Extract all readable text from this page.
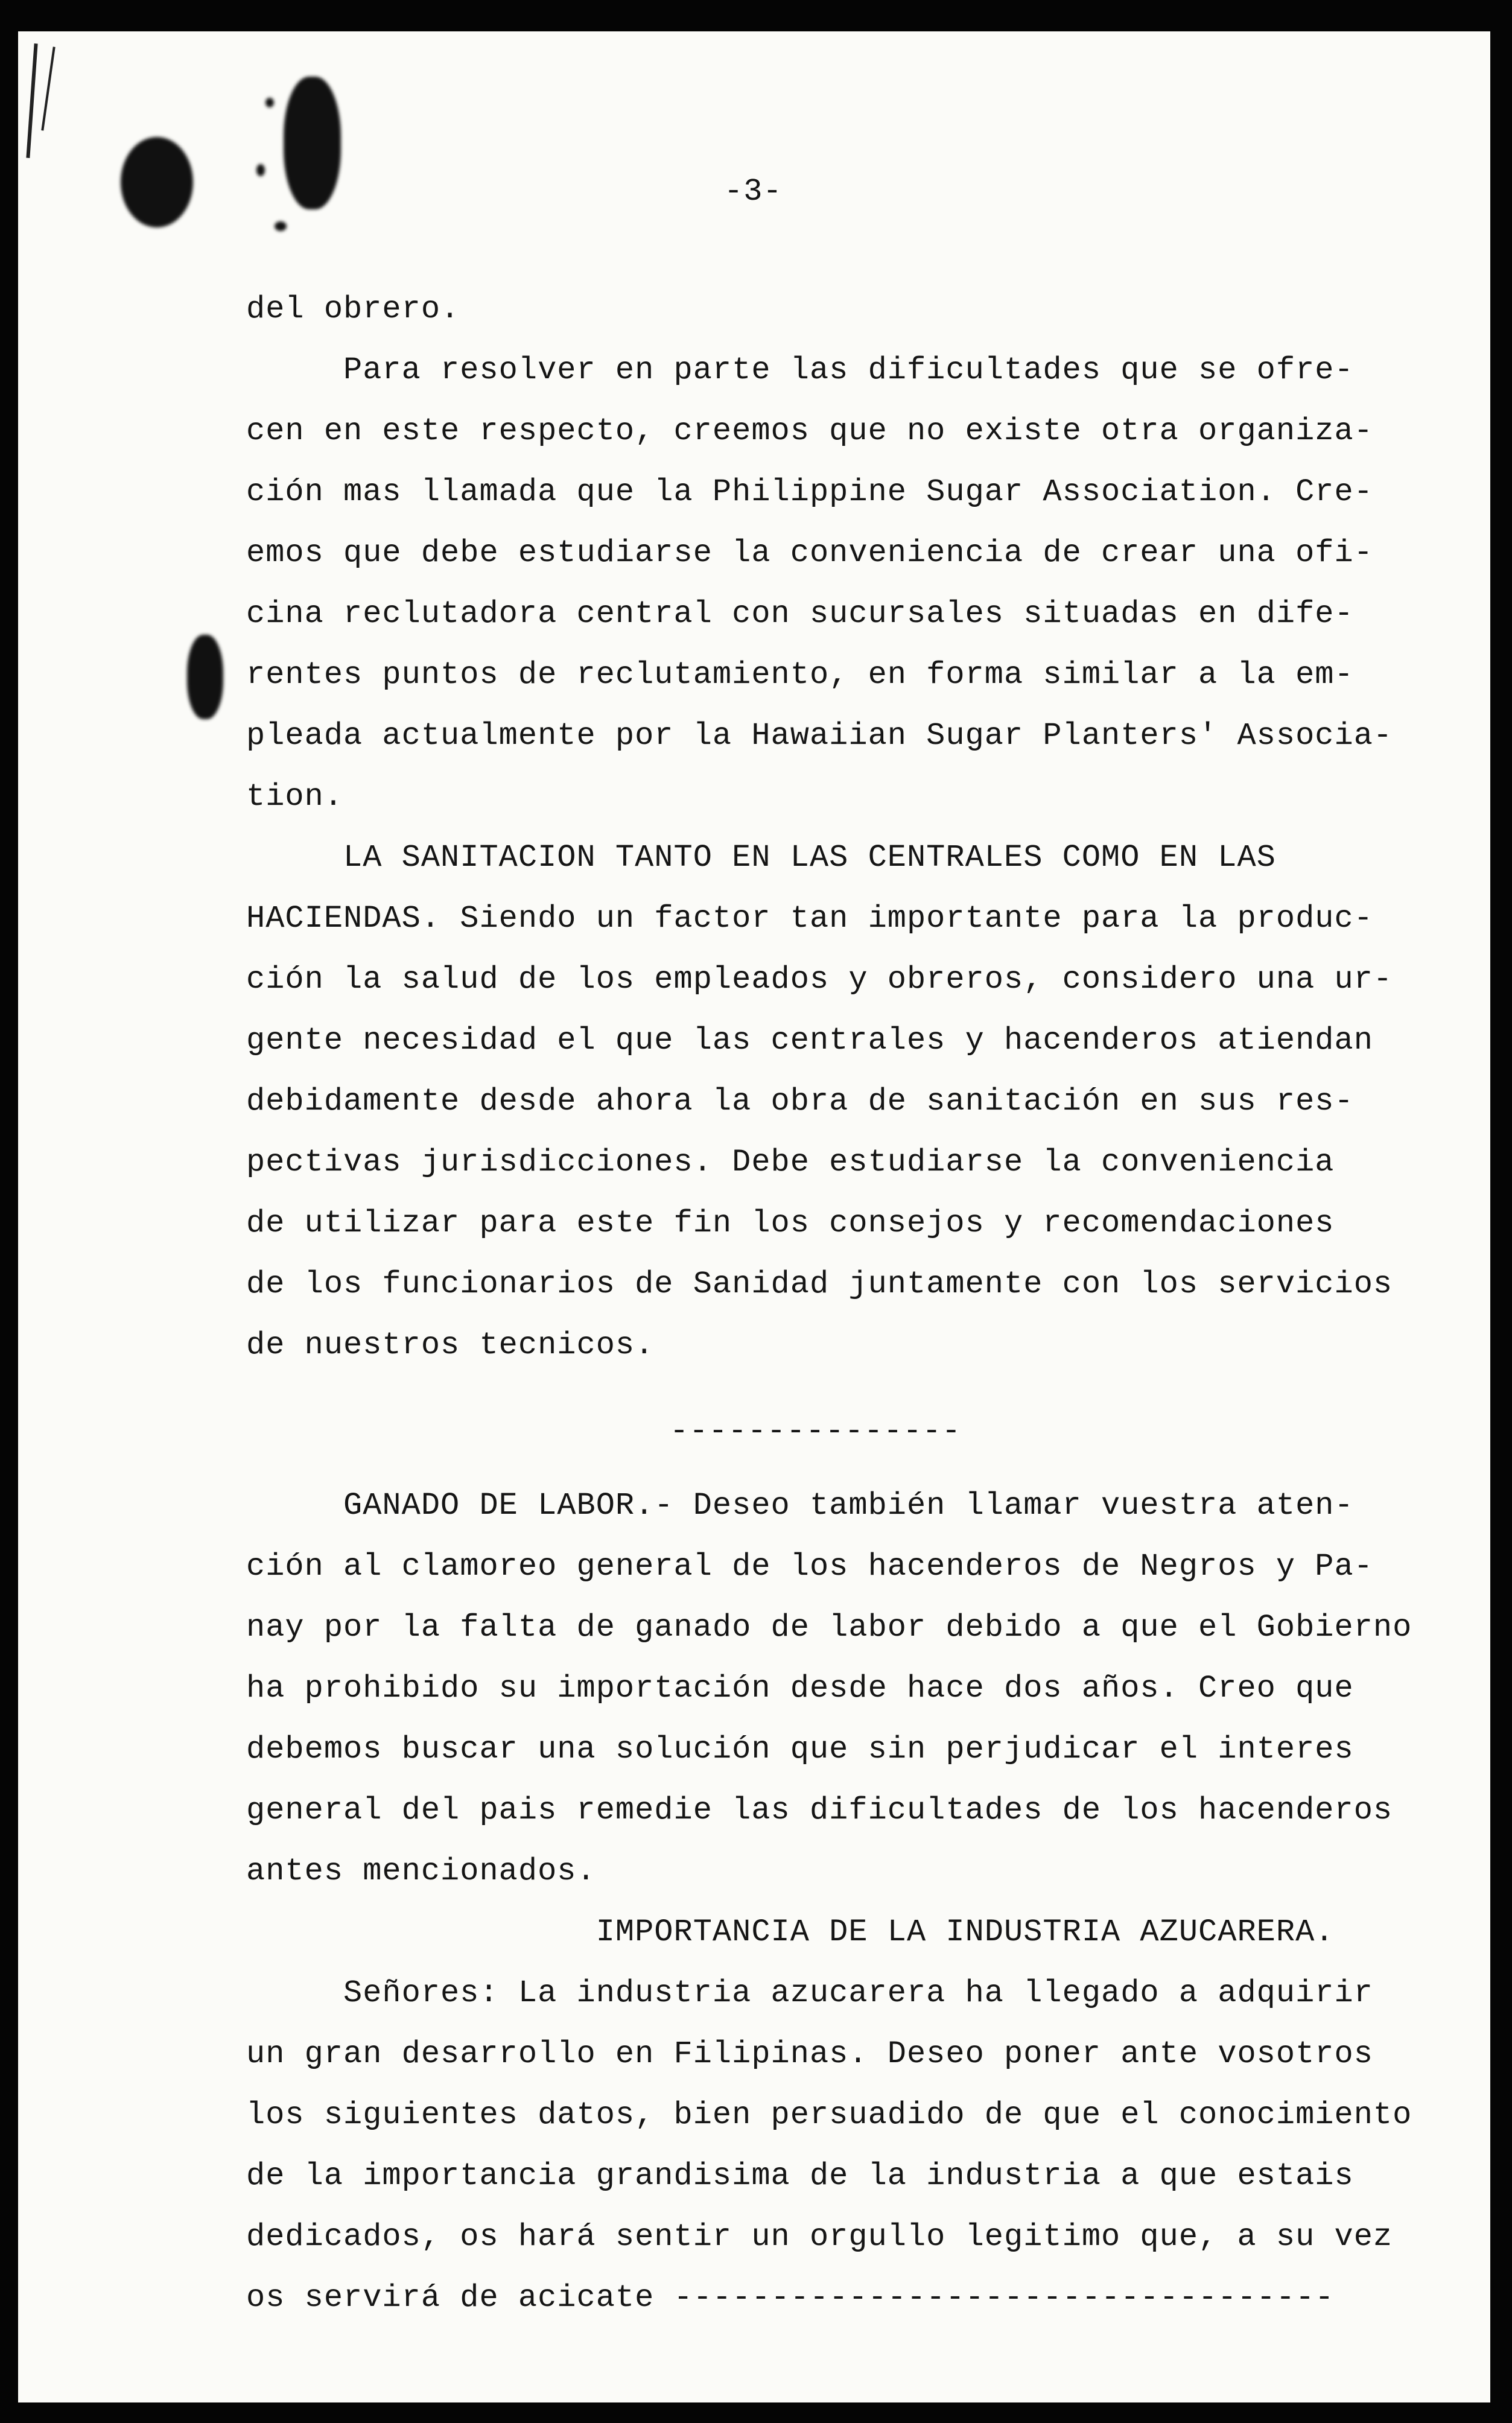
-3-
del obrero.
Para resolver en parte las dificultades que se ofre-
cen en este respecto, creemos que no existe otra organiza-
ción mas llamada que la Philippine Sugar Association. Cre-
emos que debe estudiarse la conveniencia de crear una ofi-
cina reclutadora central con sucursales situadas en dife-
rentes puntos de reclutamiento, en forma similar a la em-
pleada actualmente por la Hawaiian Sugar Planters' Associa-
tion.
LA SANITACION TANTO EN LAS CENTRALES COMO EN LAS
HACIENDAS. Siendo un factor tan importante para la produc-
ción la salud de los empleados y obreros, considero una ur-
gente necesidad el que las centrales y hacenderos atiendan
debidamente desde ahora la obra de sanitación en sus res-
pectivas jurisdicciones. Debe estudiarse la conveniencia
de utilizar para este fin los consejos y recomendaciones
de los funcionarios de Sanidad juntamente con los servicios
de nuestros tecnicos.
---------------
GANADO DE LABOR.- Deseo también llamar vuestra aten-
ción al clamoreo general de los hacenderos de Negros y Pa-
nay por la falta de ganado de labor debido a que el Gobierno
ha prohibido su importación desde hace dos años. Creo que
debemos buscar una solución que sin perjudicar el interes
general del pais remedie las dificultades de los hacenderos
antes mencionados.
IMPORTANCIA DE LA INDUSTRIA AZUCARERA.
Señores: La industria azucarera ha llegado a adquirir
un gran desarrollo en Filipinas. Deseo poner ante vosotros
los siguientes datos, bien persuadido de que el conocimiento
de la importancia grandisima de la industria a que estais
dedicados, os hará sentir un orgullo legitimo que, a su vez
os servirá de acicate ----------------------------------
